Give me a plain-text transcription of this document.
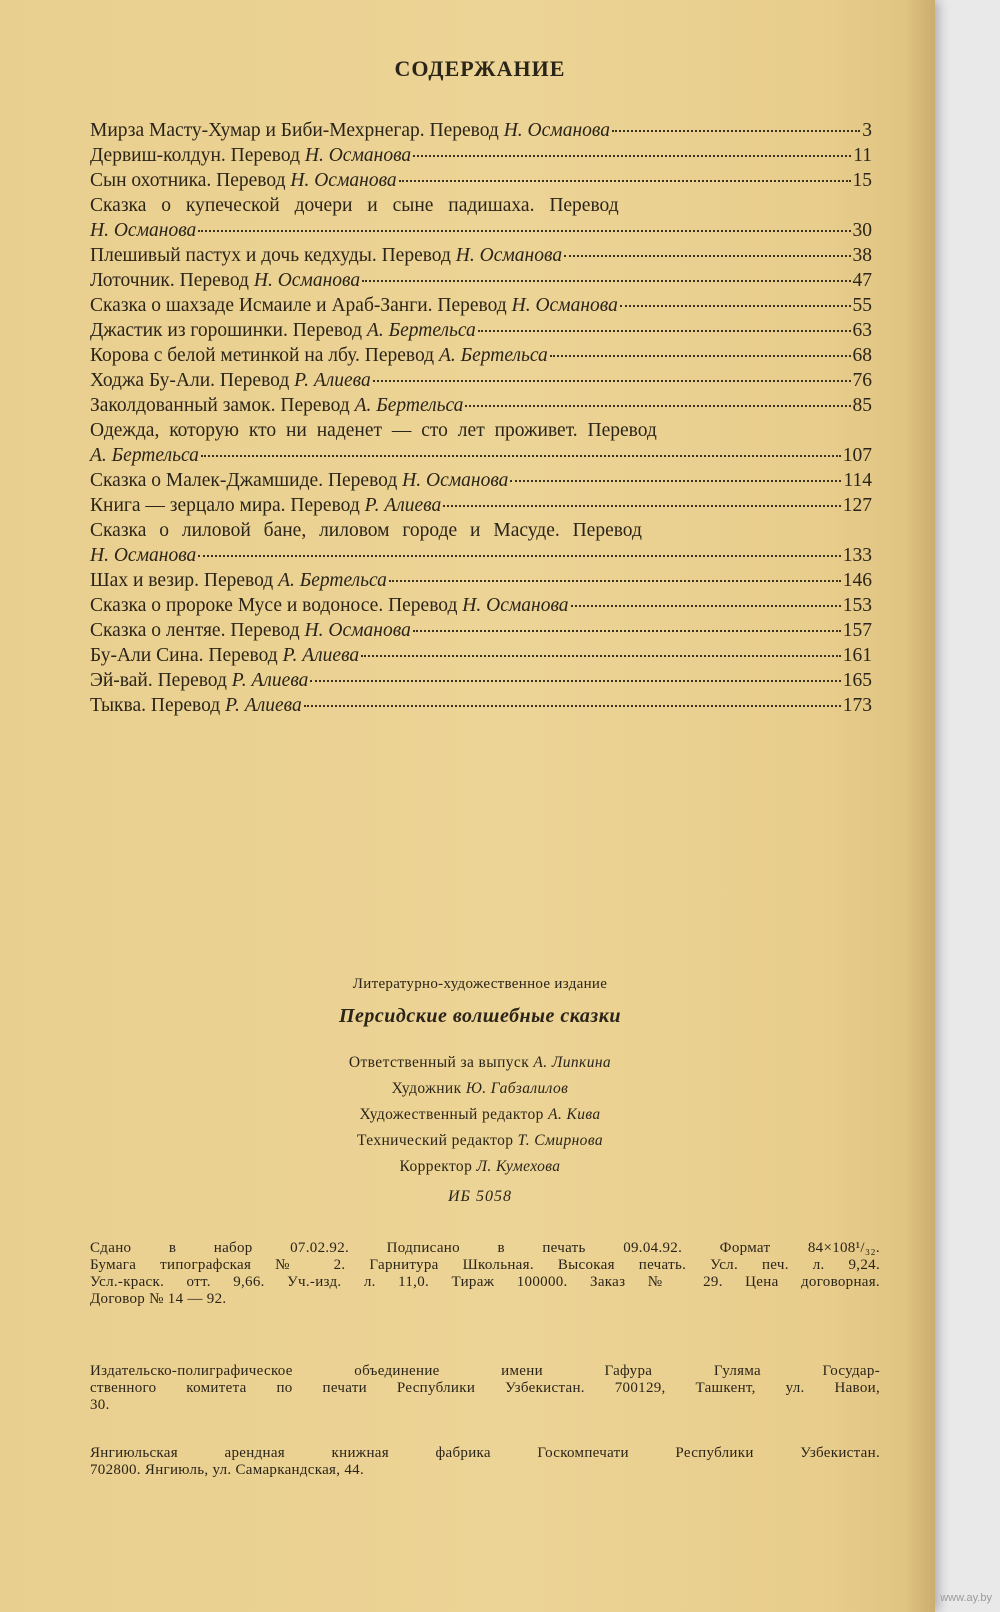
СОДЕРЖАНИЕ
Мирза Масту-Хумар и Биби-Мехрнегар. Перевод Н. Османова	3
Дервиш-колдун. Перевод Н. Османова	11
Сын охотника. Перевод Н. Османова	15
Сказка о купеческой дочери и сыне падишаха. Перевод
Н. Османова	30
Плешивый пастух и дочь кедхуды. Перевод Н. Османова	38
Лоточник. Перевод Н. Османова	47
Сказка о шахзаде Исмаиле и Араб-Занги. Перевод Н. Османова	55
Джастик из горошинки. Перевод А. Бертельса	63
Корова с белой метинкой на лбу. Перевод А. Бертельса	68
Ходжа Бу-Али. Перевод Р. Алиева	76
Заколдованный замок. Перевод А. Бертельса	85
Одежда, которую кто ни наденет — сто лет проживет. Перевод
А. Бертельса	107
Сказка о Малек-Джамшиде. Перевод Н. Османова	114
Книга — зерцало мира. Перевод Р. Алиева	127
Сказка о лиловой бане, лиловом городе и Масуде. Перевод
Н. Османова	133
Шах и везир. Перевод А. Бертельса	146
Сказка о пророке Мусе и водоносе. Перевод Н. Османова	153
Сказка о лентяе. Перевод Н. Османова	157
Бу-Али Сина. Перевод Р. Алиева	161
Эй-вай. Перевод Р. Алиева	165
Тыква. Перевод Р. Алиева	173
Литературно-художественное издание
Персидские волшебные сказки
Ответственный за выпуск А. Липкина
Художник Ю. Габзалилов
Художественный редактор А. Кива
Технический редактор Т. Смирнова
Корректор Л. Кумехова
ИБ 5058

Сдано в набор 07.02.92. Подписано в печать 09.04.92. Формат 84×108¹/₃₂.

Бумага типографская № 2. Гарнитура Школьная. Высокая печать. Усл. печ. л. 9,24.

Усл.-краск. отт. 9,66. Уч.-изд. л. 11,0. Тираж 100000. Заказ № 29. Цена договорная.

Договор № 14 — 92.

Издательско-полиграфическое объединение имени Гафура Гуляма Государ-

ственного комитета по печати Республики Узбекистан. 700129, Ташкент, ул. Навои,

30.

Янгиюльская арендная книжная фабрика Госкомпечати Республики Узбекистан.

702800. Янгиюль, ул. Самаркандская, 44.

www.ay.by
